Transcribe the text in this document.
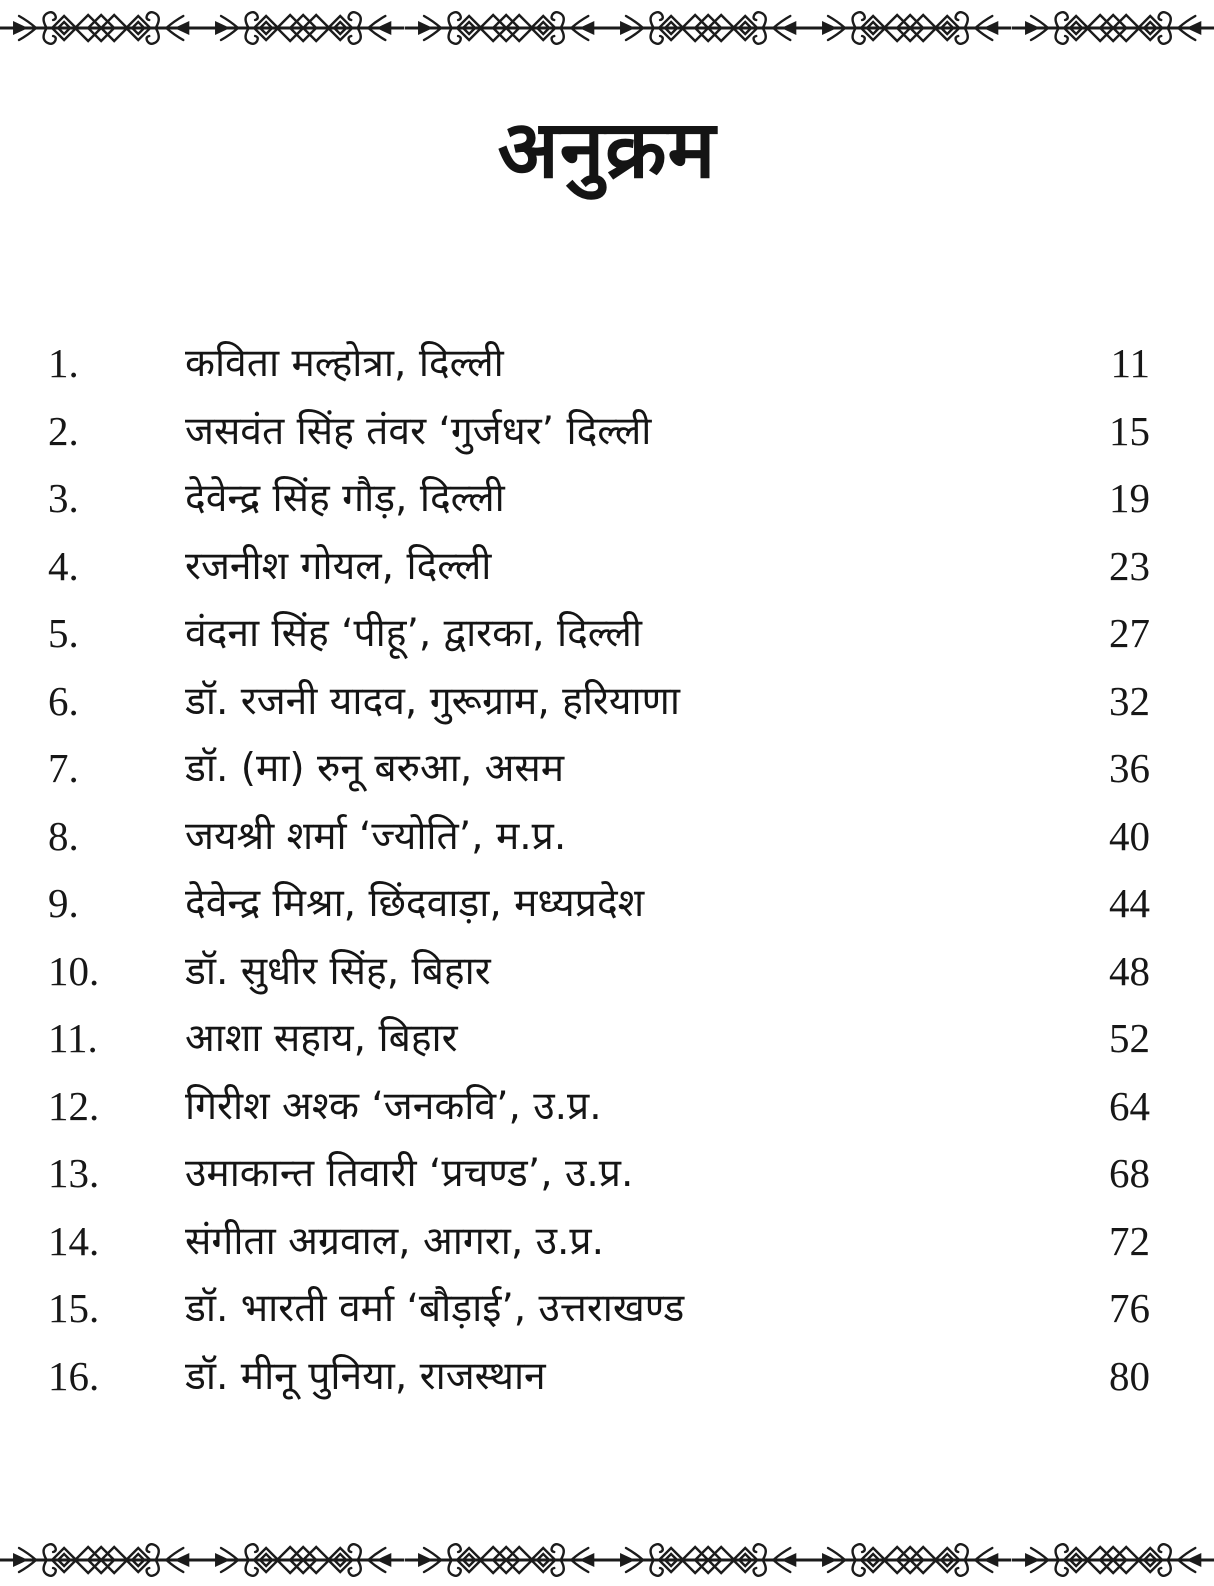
अनुक्रम
1.	कविता मल्होत्रा, दिल्ली	11
2.	जसवंत सिंह तंवर ‘गुर्जधर’ दिल्ली	15
3.	देवेन्द्र सिंह गौड़, दिल्ली	19
4.	रजनीश गोयल, दिल्ली	23
5.	वंदना सिंह ‘पीहू’, द्वारका, दिल्ली	27
6.	डॉ. रजनी यादव, गुरूग्राम, हरियाणा	32
7.	डॉ. (मा) रुनू बरुआ, असम	36
8.	जयश्री शर्मा ‘ज्योति’, म.प्र.	40
9.	देवेन्द्र मिश्रा, छिंदवाड़ा, मध्यप्रदेश	44
10.	डॉ. सुधीर सिंह, बिहार	48
11.	आशा सहाय, बिहार	52
12.	गिरीश अश्क ‘जनकवि’, उ.प्र.	64
13.	उमाकान्त तिवारी ‘प्रचण्ड’, उ.प्र.	68
14.	संगीता अग्रवाल, आगरा, उ.प्र.	72
15.	डॉ. भारती वर्मा ‘बौड़ाई’, उत्तराखण्ड	76
16.	डॉ. मीनू पुनिया, राजस्थान	80
